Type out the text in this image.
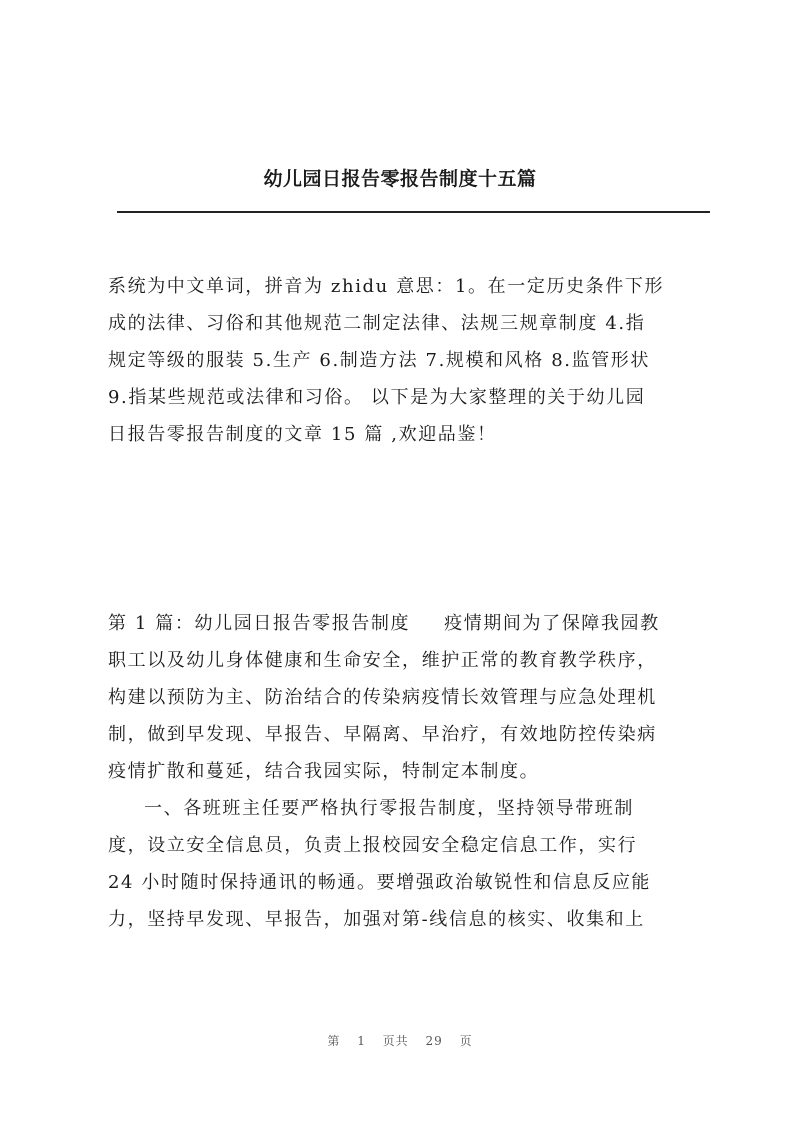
幼儿园日报告零报告制度十五篇
系统为中文单词，拼音为 zhidu 意思：1。在一定历史条件下形
成的法律、习俗和其他规范二制定法律、法规三规章制度 4.指
规定等级的服装 5.生产 6.制造方法 7.规模和风格 8.监管形状
9.指某些规范或法律和习俗。 以下是为大家整理的关于幼儿园
日报告零报告制度的文章 15 篇 ,欢迎品鉴！

第 1 篇：幼儿园日报告零报告制度 疫情期间为了保障我园教

职工以及幼儿身体健康和生命安全，维护正常的教育教学秩序，

构建以预防为主、防治结合的传染病疫情长效管理与应急处理机

制，做到早发现、早报告、早隔离、早治疗，有效地防控传染病

疫情扩散和蔓延，结合我园实际，特制定本制度。

一、各班班主任要严格执行零报告制度，坚持领导带班制

度，设立安全信息员，负责上报校园安全稳定信息工作，实行

24 小时随时保持通讯的畅通。要增强政治敏锐性和信息反应能

力，坚持早发现、早报告，加强对第-线信息的核实、收集和上

第 1 页共 29 页
